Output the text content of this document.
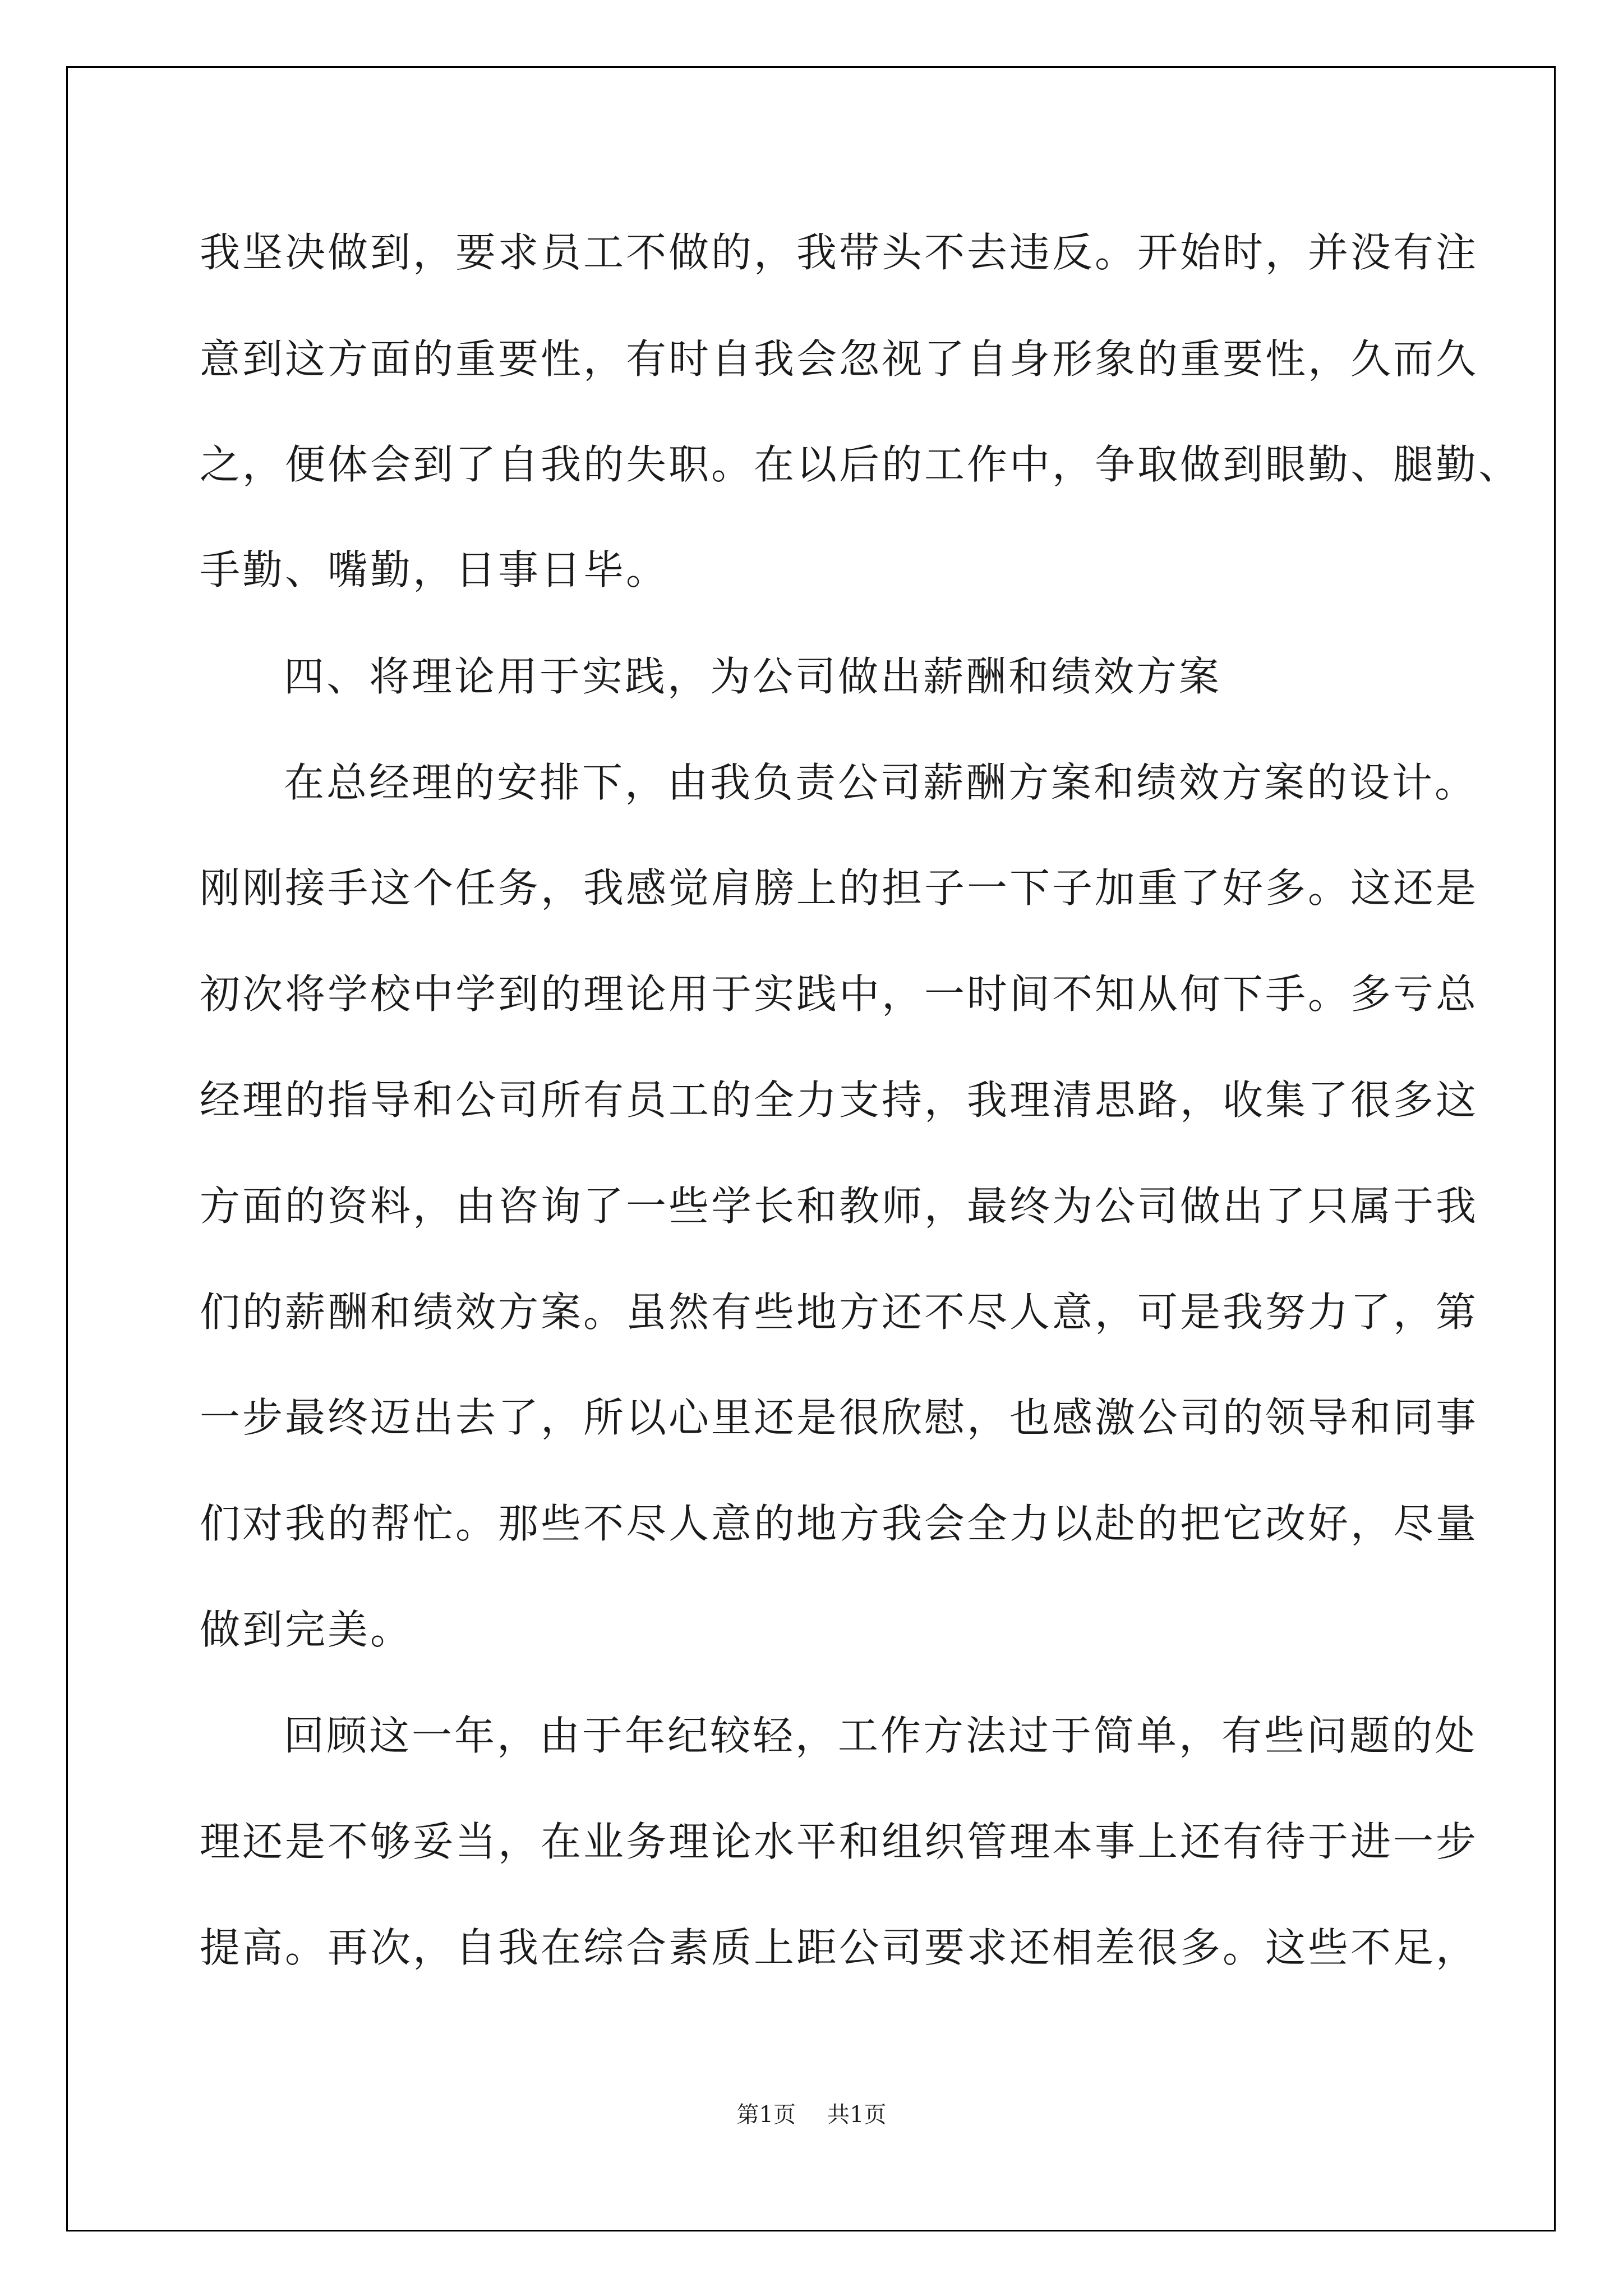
我坚决做到，要求员工不做的，我带头不去违反。开始时，并没有注

意到这方面的重要性，有时自我会忽视了自身形象的重要性，久而久

之，便体会到了自我的失职。在以后的工作中，争取做到眼勤、腿勤、

手勤、嘴勤，日事日毕。

四、将理论用于实践，为公司做出薪酬和绩效方案

在总经理的安排下，由我负责公司薪酬方案和绩效方案的设计。

刚刚接手这个任务，我感觉肩膀上的担子一下子加重了好多。这还是

初次将学校中学到的理论用于实践中，一时间不知从何下手。多亏总

经理的指导和公司所有员工的全力支持，我理清思路，收集了很多这

方面的资料，由咨询了一些学长和教师，最终为公司做出了只属于我

们的薪酬和绩效方案。虽然有些地方还不尽人意，可是我努力了，第

一步最终迈出去了，所以心里还是很欣慰，也感激公司的领导和同事

们对我的帮忙。那些不尽人意的地方我会全力以赴的把它改好，尽量

做到完美。

回顾这一年，由于年纪较轻，工作方法过于简单，有些问题的处

理还是不够妥当，在业务理论水平和组织管理本事上还有待于进一步

提高。再次，自我在综合素质上距公司要求还相差很多。这些不足，

第1页 共1页
